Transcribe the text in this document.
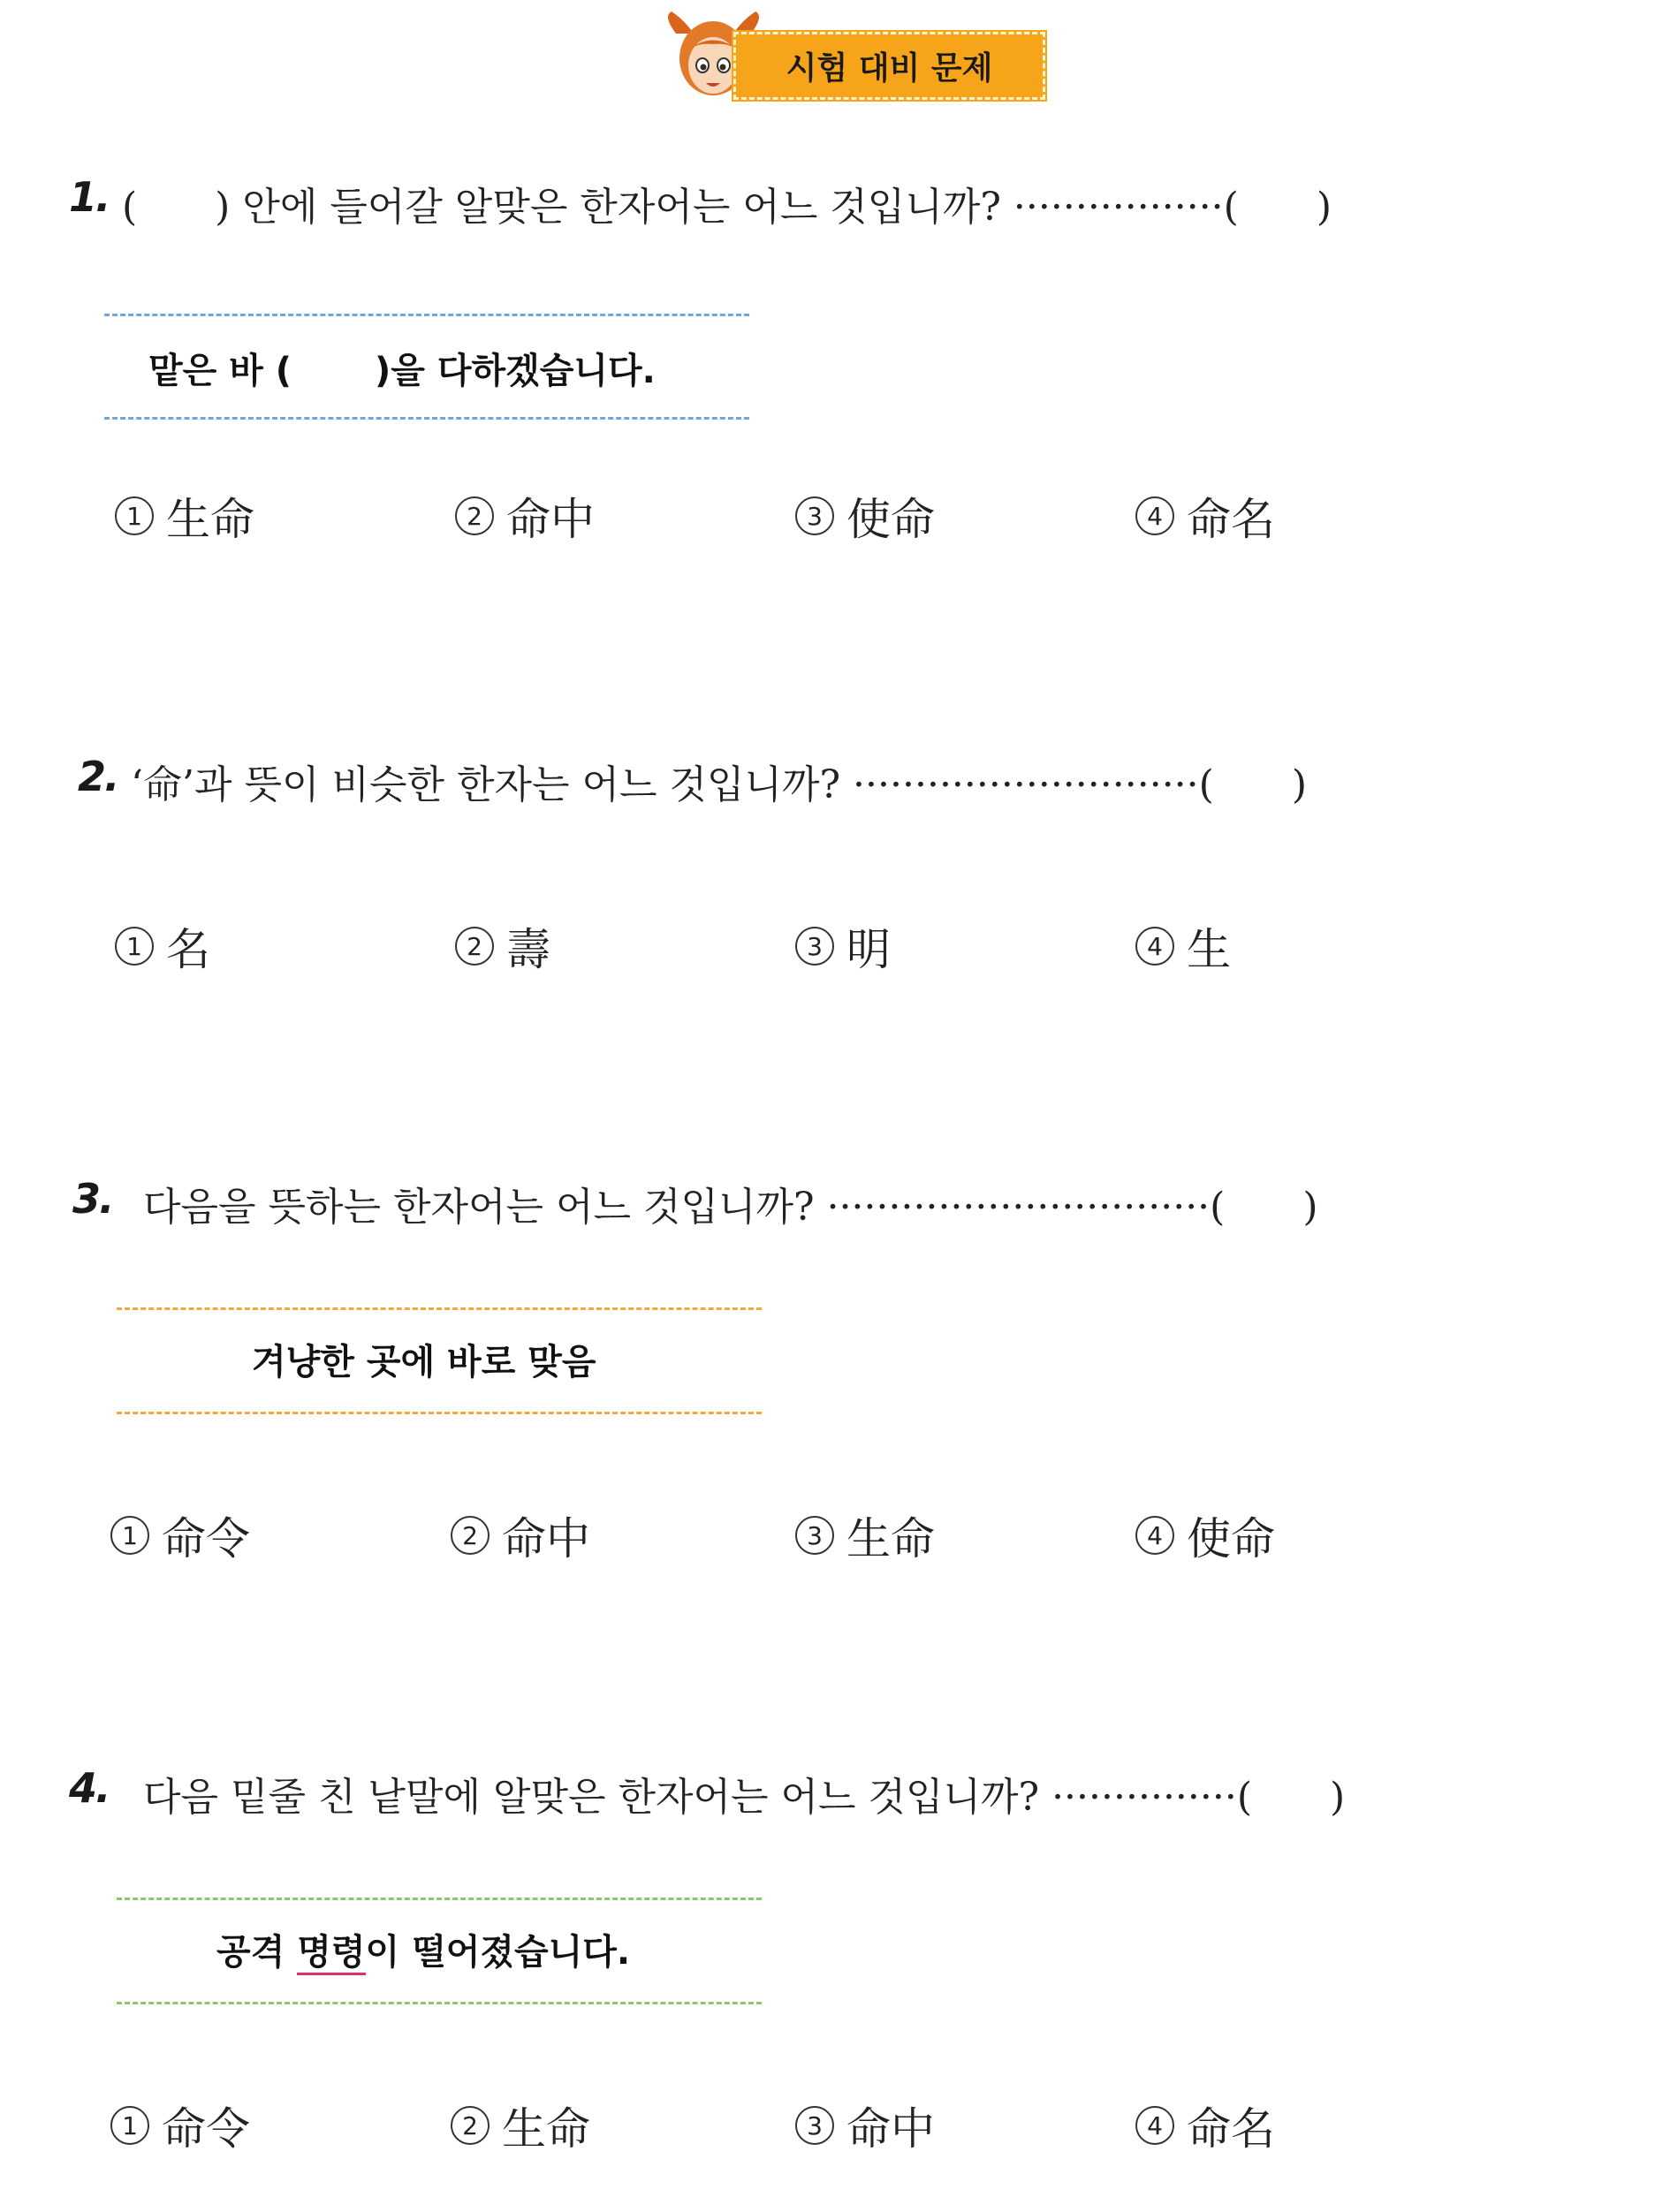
시험 대비 문제
1. (  ) 안에 들어갈 알맞은 한자어는 어느 것입니까? ·················(  )
맡은 바 (   )을 다하겠습니다.
1 生命	2 命中	3 使命	4 命名
2. ‘命’과 뜻이 비슷한 한자는 어느 것입니까? ····························(  )
1 名	2 壽	3 明	4 生
3. 다음을 뜻하는 한자어는 어느 것입니까? ·······························(  )
겨냥한 곳에 바로 맞음
1 命令	2 命中	3 生命	4 使命
4. 다음 밑줄 친 낱말에 알맞은 한자어는 어느 것입니까? ···············(  )
공격 명령이 떨어졌습니다.
1 命令	2 生命	3 命中	4 命名
